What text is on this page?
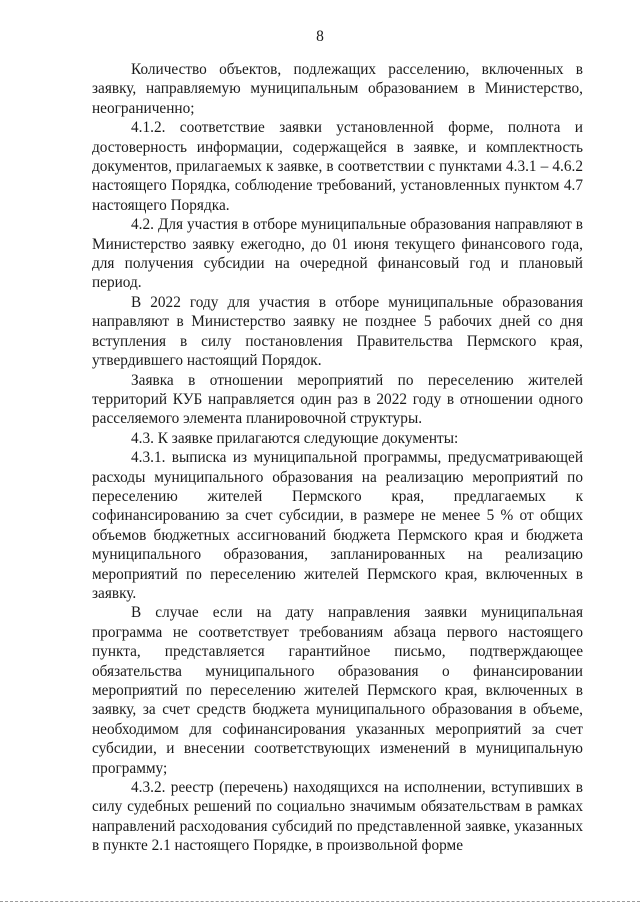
8

Количество объектов, подлежащих расселению, включенных в заявку, направляемую муниципальным образованием в Министерство, неограниченно;

4.1.2. соответствие заявки установленной форме, полнота и достоверность информации, содержащейся в заявке, и комплектность документов, прилагаемых к заявке, в соответствии с пунктами 4.3.1 – 4.6.2 настоящего Порядка, соблюдение требований, установленных пунктом 4.7 настоящего Порядка.

4.2. Для участия в отборе муниципальные образования направляют в Министерство заявку ежегодно, до 01 июня текущего финансового года, для получения субсидии на очередной финансовый год и плановый период.

В 2022 году для участия в отборе муниципальные образования направляют в Министерство заявку не позднее 5 рабочих дней со дня вступления в силу постановления Правительства Пермского края, утвердившего настоящий Порядок.

Заявка в отношении мероприятий по переселению жителей территорий КУБ направляется один раз в 2022 году в отношении одного расселяемого элемента планировочной структуры.

4.3. К заявке прилагаются следующие документы:

4.3.1. выписка из муниципальной программы, предусматривающей расходы муниципального образования на реализацию мероприятий по переселению жителей Пермского края, предлагаемых к софинансированию за счет субсидии, в размере не менее 5 % от общих объемов бюджетных ассигнований бюджета Пермского края и бюджета муниципального образования, запланированных на реализацию мероприятий по переселению жителей Пермского края, включенных в заявку.

В случае если на дату направления заявки муниципальная программа не соответствует требованиям абзаца первого настоящего пункта, представляется гарантийное письмо, подтверждающее обязательства муниципального образования о финансировании мероприятий по переселению жителей Пермского края, включенных в заявку, за счет средств бюджета муниципального образования в объеме, необходимом для софинансирования указанных мероприятий за счет субсидии, и внесении соответствующих изменений в муниципальную программу;

4.3.2. реестр (перечень) находящихся на исполнении, вступивших в силу судебных решений по социально значимым обязательствам в рамках направлений расходования субсидий по представленной заявке, указанных в пункте 2.1 настоящего Порядке, в произвольной форме
